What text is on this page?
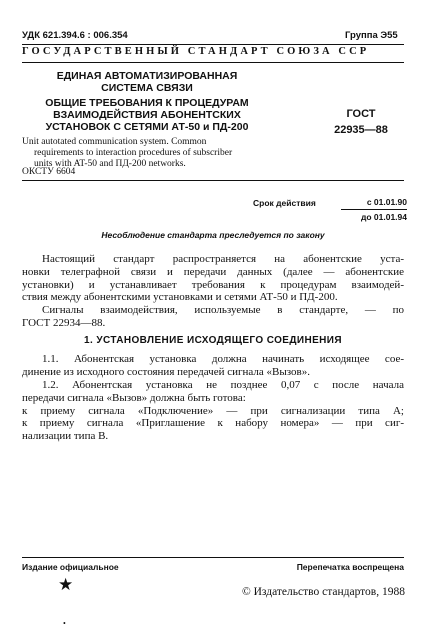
УДК 621.394.6 : 006.354	Группа Э55
ГОСУДАРСТВЕННЫЙ СТАНДАРТ СОЮЗА ССР
ЕДИНАЯ АВТОМАТИЗИРОВАННАЯ
СИСТЕМА СВЯЗИ
ОБЩИЕ ТРЕБОВАНИЯ К ПРОЦЕДУРАМ
ВЗАИМОДЕЙСТВИЯ АБОНЕНТСКИХ
УСТАНОВОК С СЕТЯМИ АТ-50 и ПД-200
ГОСТ
22935—88
Unit autotated communication system. Common
requirements to interaction procedures of subscriber
units with AT-50 and ПД-200 networks.
ОКСТУ 6604
Срок действия	с 01.01.90
до 01.01.94
Несоблюдение стандарта преследуется по закону
Настоящий стандарт распространяется на абонентские уста-
новки телеграфной связи и передачи данных (далее — абонентские
установки) и устанавливает требования к процедурам взаимодей-
ствия между абонентскими установками и сетями АТ-50 и ПД-200.
Сигналы взаимодействия, используемые в стандарте, — по
ГОСТ 22934—88.
1. УСТАНОВЛЕНИЕ ИСХОДЯЩЕГО СОЕДИНЕНИЯ
1.1. Абонентская установка должна начинать исходящее сое-
динение из исходного состояния передачей сигнала «Вызов».
1.2. Абонентская установка не позднее 0,07 с после начала
передачи сигнала «Вызов» должна быть готова:
к приему сигнала «Подключение» — при сигнализации типа А;
к приему сигнала «Приглашение к набору номера» — при сиг-
нализации типа В.
Издание официальное	Перепечатка воспрещена
★	© Издательство стандартов, 1988
•
